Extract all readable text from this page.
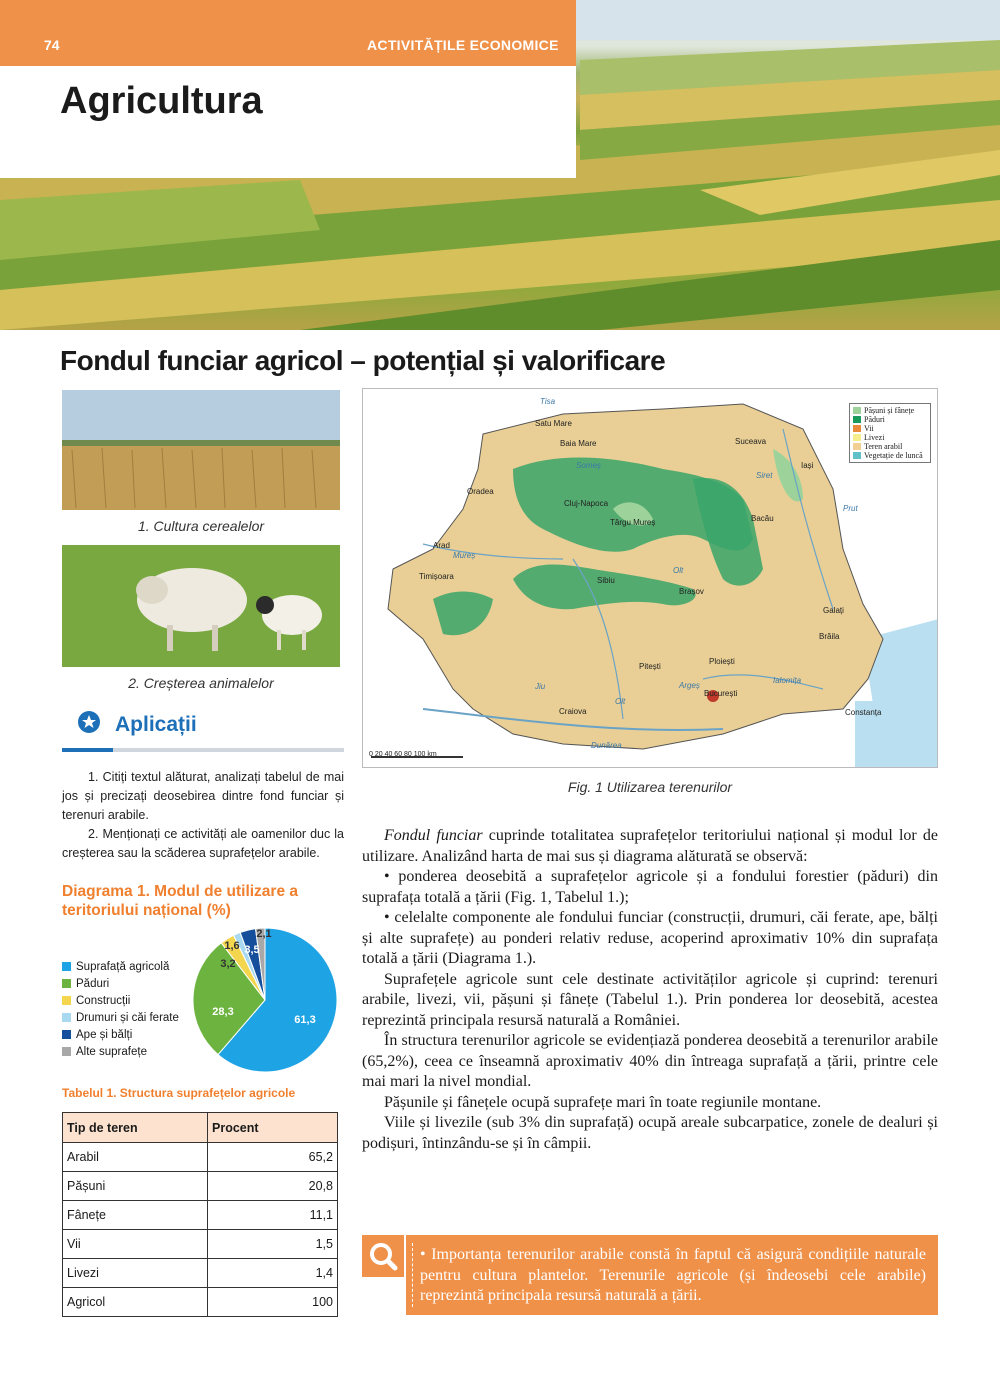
74	ACTIVITĂȚILE ECONOMICE
Agricultura
Fondul funciar agricol – potențial și valorificare
1. Cultura cerealelor
2. Creșterea animalelor
Aplicații

1. Citiți textul alăturat, analizați tabelul de mai jos și precizați deosebirea dintre fond funciar și terenuri arabile.

2. Menționați ce activități ale oamenilor duc la creșterea sau la scăderea suprafețelor arabile.

Diagrama 1. Modul de utilizare a teritoriului național (%)
Suprafață agricolă
Păduri
Construcții
Drumuri și căi ferate
Ape și bălți
Alte suprafețe
61,3
28,3
3,2
1,6 3,5
2,1
Tabelul 1. Structura suprafețelor agricole
Tip de teren	Procent
Arabil	65,2
Pășuni	20,8
Fânețe	11,1
Vii	1,5
Livezi	1,4
Agricol	100
Pășuni și fânețe
Păduri
Vii
Livezi
Teren arabil
Vegetație de luncă
Satu Mare
Baia Mare	Suceava
Iași
Oradea
Cluj-Napoca
Târgu Mureș	Bacău
Arad
Timișoara	Sibiu
Brașov
Galați
Brăila
Pitești
Ploiești
București
Craiova	Constanța
Tisa
Someș
Siret
Mureș
Olt
Prut
Ialomița
Argeș
Jiu
Olt
Dunărea
0 20 40 60 80 100 km
Fig. 1 Utilizarea terenurilor

Fondul funciar cuprinde totalitatea suprafețelor teritoriului național și modul lor de utilizare. Analizând harta de mai sus și diagrama alăturată se observă:

• ponderea deosebită a suprafețelor agricole și a fondului forestier (păduri) din suprafața totală a țării (Fig. 1, Tabelul 1.);

• celelalte componente ale fondului funciar (construcții, drumuri, căi ferate, ape, bălți și alte suprafețe) au ponderi relativ reduse, acoperind aproximativ 10% din suprafața totală a țării (Diagrama 1.).

Suprafețele agricole sunt cele destinate activităților agricole și cuprind: terenuri arabile, livezi, vii, pășuni și fânețe (Tabelul 1.). Prin ponderea lor deosebită, acestea reprezintă principala resursă naturală a României.

În structura terenurilor agricole se evidențiază ponderea deosebită a terenurilor arabile (65,2%), ceea ce înseamnă aproximativ 40% din întreaga suprafață a țării, printre cele mai mari la nivel mondial.

Pășunile și fânețele ocupă suprafețe mari în toate regiunile montane.

Viile și livezile (sub 3% din suprafață) ocupă areale subcarpatice, zonele de dealuri și podișuri, întinzându-se și în câmpii.

• Importanța terenurilor arabile constă în faptul că asigură condițiile naturale pentru cultura plantelor. Terenurile agricole (și îndeosebi cele arabile) reprezintă principala resursă naturală a țării.
